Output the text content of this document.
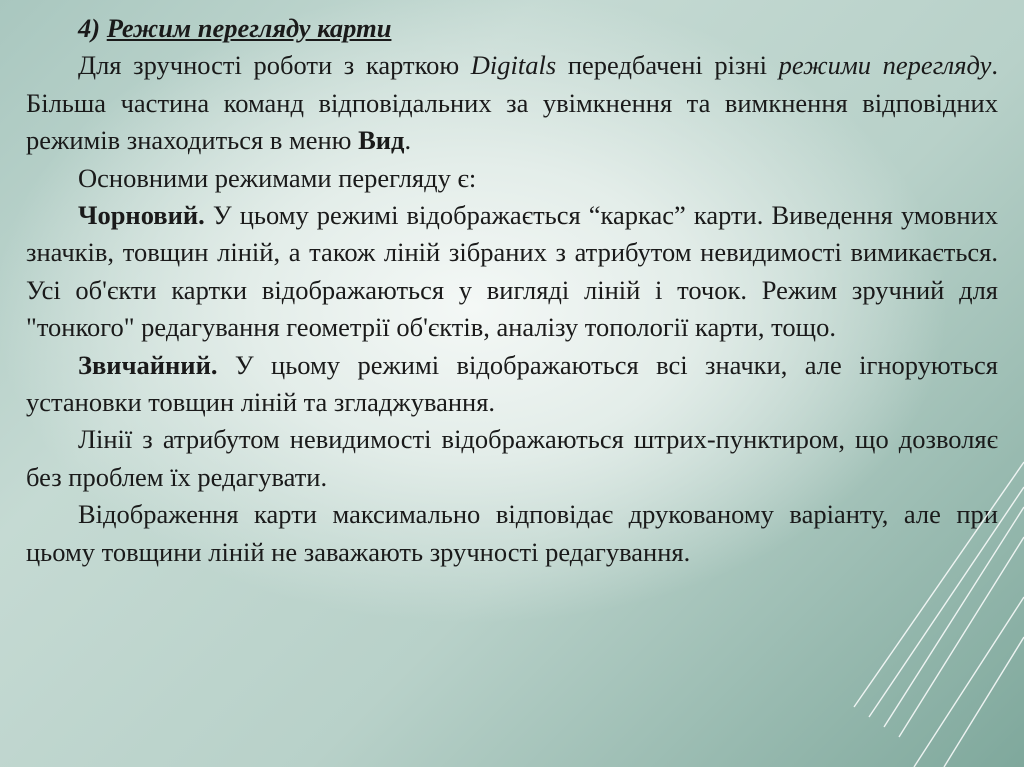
4) Режим перегляду карти

Для зручності роботи з карткою Digitals передбачені різні режими перегляду. Більша частина команд відповідальних за увімкнення та вимкнення відповідних режимів знаходиться в меню Вид.

Основними режимами перегляду є:

Чорновий. У цьому режимі відображається “каркас” карти. Виведення умовних значків, товщин ліній, а також ліній зібраних з атрибутом невидимості вимикається. Усі об'єкти картки відображаються у вигляді ліній і точок. Режим зручний для "тонкого" редагування геометрії об'єктів, аналізу топології карти, тощо.

Звичайний. У цьому режимі відображаються всі значки, але ігноруються установки товщин ліній та згладжування.

Лінії з атрибутом невидимості відображаються штрих-пунктиром, що дозволяє без проблем їх редагувати.

Відображення карти максимально відповідає друкованому варіанту, але при цьому товщини ліній не заважають зручності редагування.
